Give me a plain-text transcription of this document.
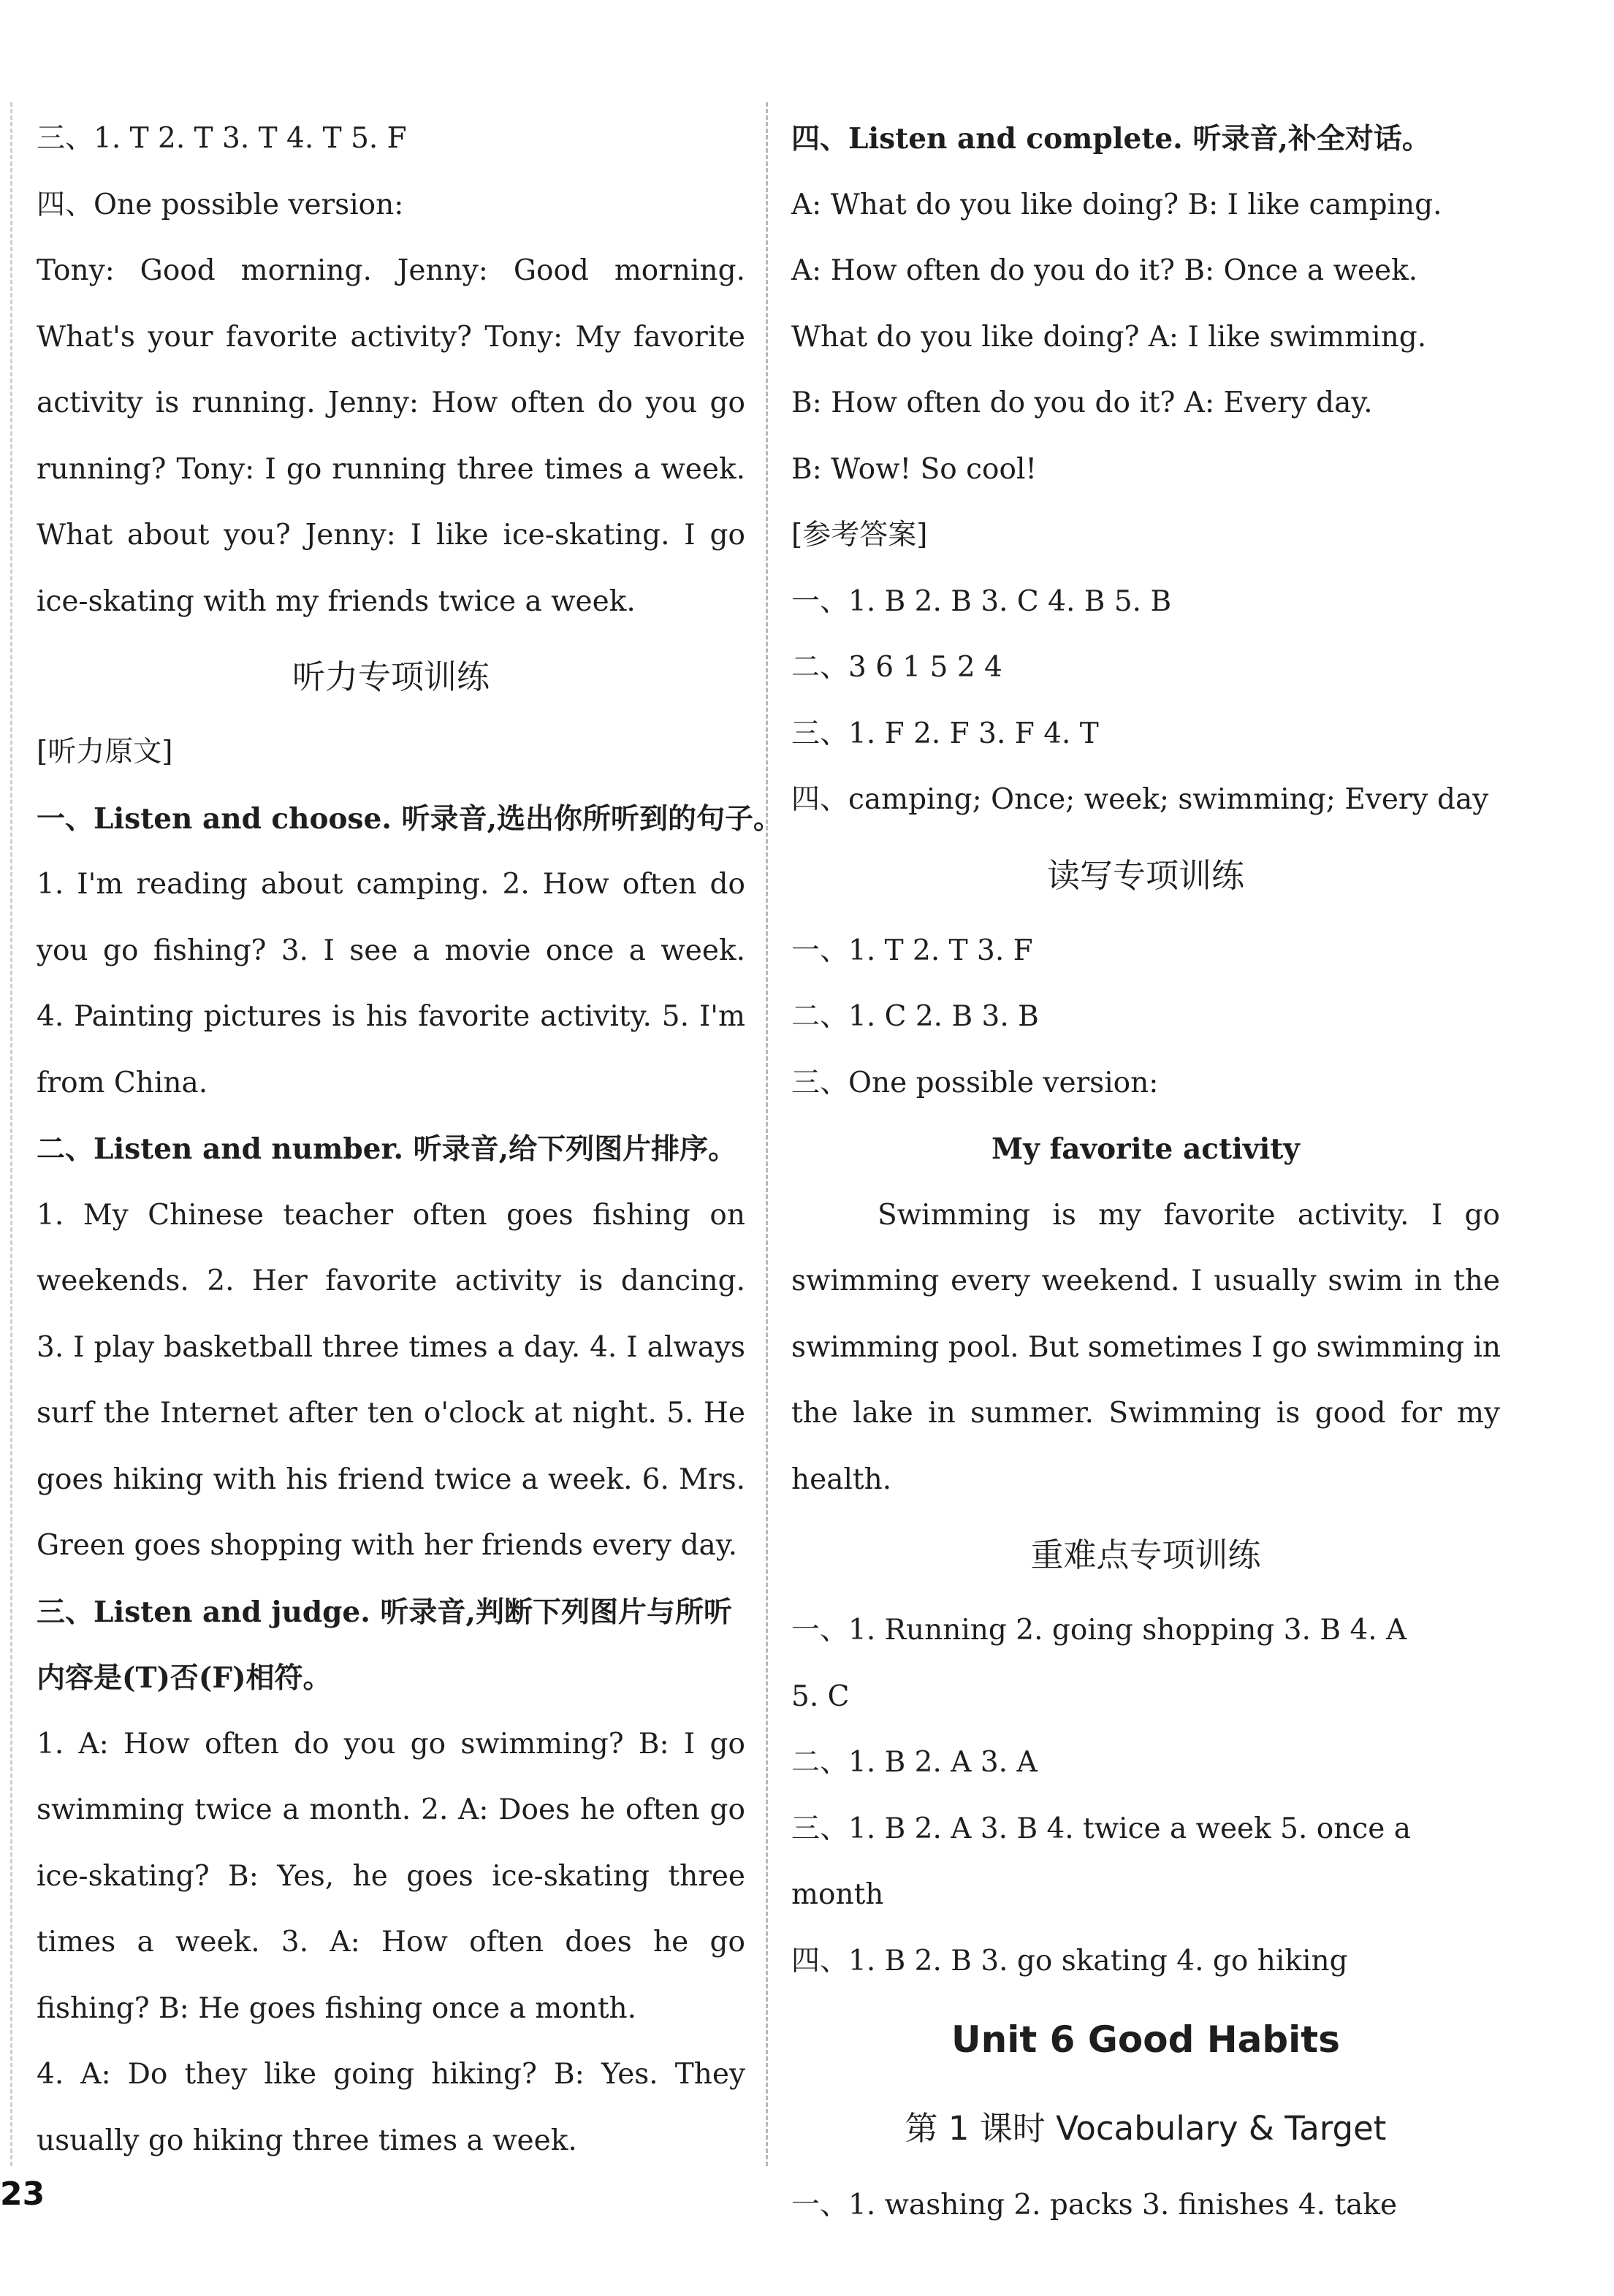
三、1. T 2. T 3. T 4. T 5. F
四、One possible version:
Tony: Good morning. Jenny: Good morning.
What's your favorite activity? Tony: My favorite
activity is running. Jenny: How often do you go
running? Tony: I go running three times a week.
What about you? Jenny: I like ice-skating. I go
ice-skating with my friends twice a week.
听力专项训练
[听力原文]
一、Listen and choose. 听录音,选出你所听到的句子。
1. I'm reading about camping. 2. How often do
you go fishing? 3. I see a movie once a week.
4. Painting pictures is his favorite activity. 5. I'm
from China.
二、Listen and number. 听录音,给下列图片排序。
1. My Chinese teacher often goes fishing on
weekends. 2. Her favorite activity is dancing.
3. I play basketball three times a day. 4. I always
surf the Internet after ten o'clock at night. 5. He
goes hiking with his friend twice a week. 6. Mrs.
Green goes shopping with her friends every day.
三、Listen and judge. 听录音,判断下列图片与所听
内容是(T)否(F)相符。
1. A: How often do you go swimming? B: I go
swimming twice a month. 2. A: Does he often go
ice-skating? B: Yes, he goes ice-skating three
times a week. 3. A: How often does he go
fishing? B: He goes fishing once a month.
4. A: Do they like going hiking? B: Yes. They
usually go hiking three times a week.
四、Listen and complete. 听录音,补全对话。
A: What do you like doing? B: I like camping.
A: How often do you do it? B: Once a week.
What do you like doing? A: I like swimming.
B: How often do you do it? A: Every day.
B: Wow! So cool!
[参考答案]
一、1. B 2. B 3. C 4. B 5. B
二、3 6 1 5 2 4
三、1. F 2. F 3. F 4. T
四、camping; Once; week; swimming; Every day
读写专项训练
一、1. T 2. T 3. F
二、1. C 2. B 3. B
三、One possible version:
My favorite activity
Swimming is my favorite activity. I go
swimming every weekend. I usually swim in the
swimming pool. But sometimes I go swimming in
the lake in summer. Swimming is good for my
health.
重难点专项训练
一、1. Running 2. going shopping 3. B 4. A
5. C
二、1. B 2. A 3. A
三、1. B 2. A 3. B 4. twice a week 5. once a
month
四、1. B 2. B 3. go skating 4. go hiking
Unit 6 Good Habits
第 1 课时 Vocabulary & Target
一、1. washing 2. packs 3. finishes 4. take
23
